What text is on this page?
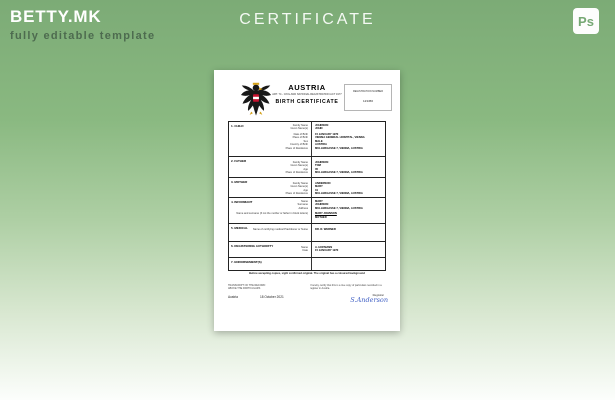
BETTY.MK
fully editable template
CERTIFICATE	Ps
AUSTRIA
ART. 74 - CIVIL AND NATIONAL REGISTRATION ACT 1977
BIRTH CERTIFICATE
REGISTRATION NUMBER
123456
1. CHILD	Family Name	JOHNSON
Given Name(s)	JOHN
Date of Birth	15 JANUARY 1970
Place of Birth	VIENNA GENERAL HOSPITAL, VIENNA
Sex	MALE
Country of Birth	AUSTRIA
Place of Residence	MULLERGASSE 7, VIENNA, AUSTRIA
2. FATHER	Family Name	JOHNSON
Given Name(s)	TOM
Age	35
Place of Residence	MULLERGASSE 7, VIENNA, AUSTRIA
3. MOTHER	Family Name	ANDERSON
Given Name(s)	MARY
Age	31
Place of Residence	MULLERGASSE 7, VIENNA, AUSTRIA
4. INFORMANT	Name	MARY
Surname	JOHNSON
Address	MULLERGASSE 7, VIENNA, AUSTRIA
Name and surname (if not the mother or father in block letters)	MARY JOHNSON
MOTHER
5. MEDICAL	Name of certifying medical Practitioner or Nurse	DR. R. WERNER
6. REGISTERING AUTHORITY	Name	A. HOFMANN
Date	15 JANUARY 1970
7. ENDORSEMENT(S)
Before accepting copies, sight confirmed original. The original has a coloured background
TRANSCRIPT OF THE RECORD
ABOVE THE PARTICULARS
Austria	18 October 2021
I hereby certify that this is a true copy of particulars recorded in a
register in Austria.
Registrar
S.Anderson
